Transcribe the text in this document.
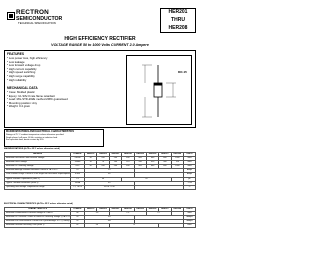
RECTRON
SEMICONDUCTOR
TECHNICAL SPECIFICATION
HER201
THRU
HER208
HIGH EFFICIENCY RECTIFIER
VOLTAGE RANGE 50 to 1000 Volts CURRENT 2.0 Ampere
FEATURES
* Low power loss, high efficiency
* Low leakage
* Low forward voltage drop
* High current capability
* High speed switching
* High surge capability
* High reliability
MECHANICAL DATA
* Case: Molded plastic
* Epoxy: UL 94V-0 rate flame retardant
* Lead: MIL-STD-202E method 208C guaranteed
* Mounting position: Any
* Weight: 0.4 gram
DO-15
MAXIMUM RATINGS AND ELECTRICAL CHARACTERISTICS
Ratings at 25 °C ambient temperature unless otherwise specified.
Single phase, half wave, 60 Hz, resistive or inductive load.
For capacitive load, derate current by 20%.
MAXIMUM RATINGS (At TA = 25°C unless otherwise noted)
RATINGS	SYMBOL	HER201	HER202	HER203	HER204	HER205	HER206	HER207	HER208	UNITS
Maximum Recurrent Peak Reverse Voltage	VRRM	50	100	200	300	400	600	800	1000	Volts
Maximum RMS Voltage	VRMS	35	70	140	210	280	420	560	700	Volts
Maximum DC Blocking Voltage	VDC	50	100	200	300	400	600	800	1000	Volts
Maximum Average Forward Rectified Current at TA = 50°C	IO	2.0								Amps
Peak Forward Surge Current 8.3 ms single half sine-wave superimposed	IFSM	60								Amps
Typical Junction Capacitance (Note 2)	CJ	30			20					pF
Typical Thermal Resistance (Note 3)	RθJA	40								°C/W
Operating and Storage Temperature Range	TJ, TSTG	-65 to + 150								°C
ELECTRICAL CHARACTERISTICS (At TA = 25°C unless otherwise noted)
CHARACTERISTICS	SYMBOL	HER201	HER202	HER203	HER204	HER205	HER206	HER207	HER208	UNITS
Maximum Instantaneous Forward Voltage at 2.0A DC	VF	1.0		1.3			1.7			Volts
Maximum DC Reverse Current at Rated DC Blocking Voltage @TA = 25°C	IR	5.0								uAmps
Maximum Full Load Reverse Current Full Cycle Average .375" (9.5mm)	IR	100								uAmps
Maximum Reverse Recovery Time (Note 1)	trr	50		75						nSec
